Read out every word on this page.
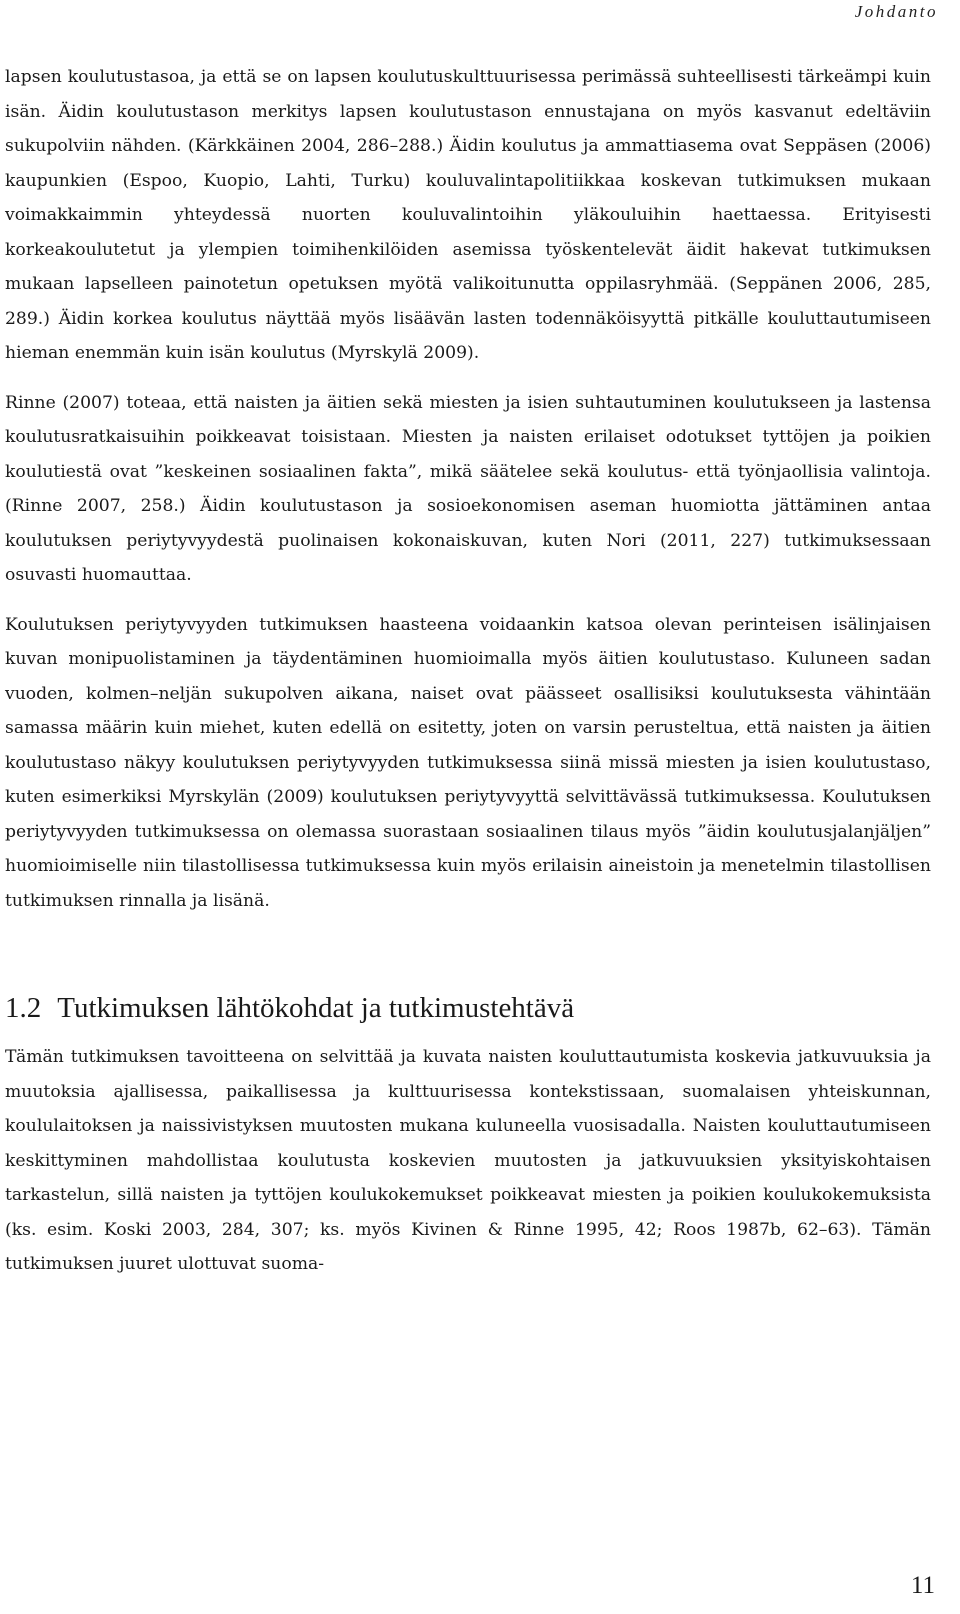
Johdanto

lapsen koulutustasoa, ja että se on lapsen koulutuskulttuurisessa perimässä suhteellisesti tärkeämpi kuin isän. Äidin koulutustason merkitys lapsen koulutustason ennustajana on myös kasvanut edeltäviin sukupolviin nähden. (Kärkkäinen 2004, 286–288.) Äidin koulutus ja ammattiasema ovat Seppäsen (2006) kaupunkien (Espoo, Kuopio, Lahti, Turku) kouluvalintapolitiikkaa koskevan tutkimuksen mukaan voimakkaimmin yhteydessä nuorten kouluvalintoihin yläkouluihin haettaessa. Erityisesti korkeakoulutetut ja ylempien toimihenkilöiden asemissa työskentelevät äidit hakevat tutkimuksen mukaan lapselleen painotetun opetuksen myötä valikoitunutta oppilasryhmää. (Seppänen 2006, 285, 289.) Äidin korkea koulutus näyttää myös lisäävän lasten todennäköisyyttä pitkälle kouluttautumiseen hieman enemmän kuin isän koulutus (Myrskylä 2009).

Rinne (2007) toteaa, että naisten ja äitien sekä miesten ja isien suhtautuminen koulutukseen ja lastensa koulutusratkaisuihin poikkeavat toisistaan. Miesten ja naisten erilaiset odotukset tyttöjen ja poikien koulutiestä ovat ”keskeinen sosiaalinen fakta”, mikä säätelee sekä koulutus- että työnjaollisia valintoja. (Rinne 2007, 258.) Äidin koulutustason ja sosioekonomisen aseman huomiotta jättäminen antaa koulutuksen periytyvyydestä puolinaisen kokonaiskuvan, kuten Nori (2011, 227) tutkimuksessaan osuvasti huomauttaa.

Koulutuksen periytyvyyden tutkimuksen haasteena voidaankin katsoa olevan perinteisen isälinjaisen kuvan monipuolistaminen ja täydentäminen huomioimalla myös äitien koulutustaso. Kuluneen sadan vuoden, kolmen–neljän sukupolven aikana, naiset ovat päässeet osallisiksi koulutuksesta vähintään samassa määrin kuin miehet, kuten edellä on esitetty, joten on varsin perusteltua, että naisten ja äitien koulutustaso näkyy koulutuksen periytyvyyden tutkimuksessa siinä missä miesten ja isien koulutustaso, kuten esimerkiksi Myrskylän (2009) koulutuksen periytyvyyttä selvittävässä tutkimuksessa. Koulutuksen periytyvyyden tutkimuksessa on olemassa suorastaan sosiaalinen tilaus myös ”äidin koulutusjalanjäljen” huomioimiselle niin tilastollisessa tutkimuksessa kuin myös erilaisin aineistoin ja menetelmin tilastollisen tutkimuksen rinnalla ja lisänä.

1.2 Tutkimuksen lähtökohdat ja tutkimustehtävä

Tämän tutkimuksen tavoitteena on selvittää ja kuvata naisten kouluttautumista koskevia jatkuvuuksia ja muutoksia ajallisessa, paikallisessa ja kulttuurisessa kontekstissaan, suomalaisen yhteiskunnan, koululaitoksen ja naissivistyksen muutosten mukana kuluneella vuosisadalla. Naisten kouluttautumiseen keskittyminen mahdollistaa koulutusta koskevien muutosten ja jatkuvuuksien yksityiskohtaisen tarkastelun, sillä naisten ja tyttöjen koulukokemukset poikkeavat miesten ja poikien koulukokemuksista (ks. esim. Koski 2003, 284, 307; ks. myös Kivinen & Rinne 1995, 42; Roos 1987b, 62–63). Tämän tutkimuksen juuret ulottuvat suoma-

11
